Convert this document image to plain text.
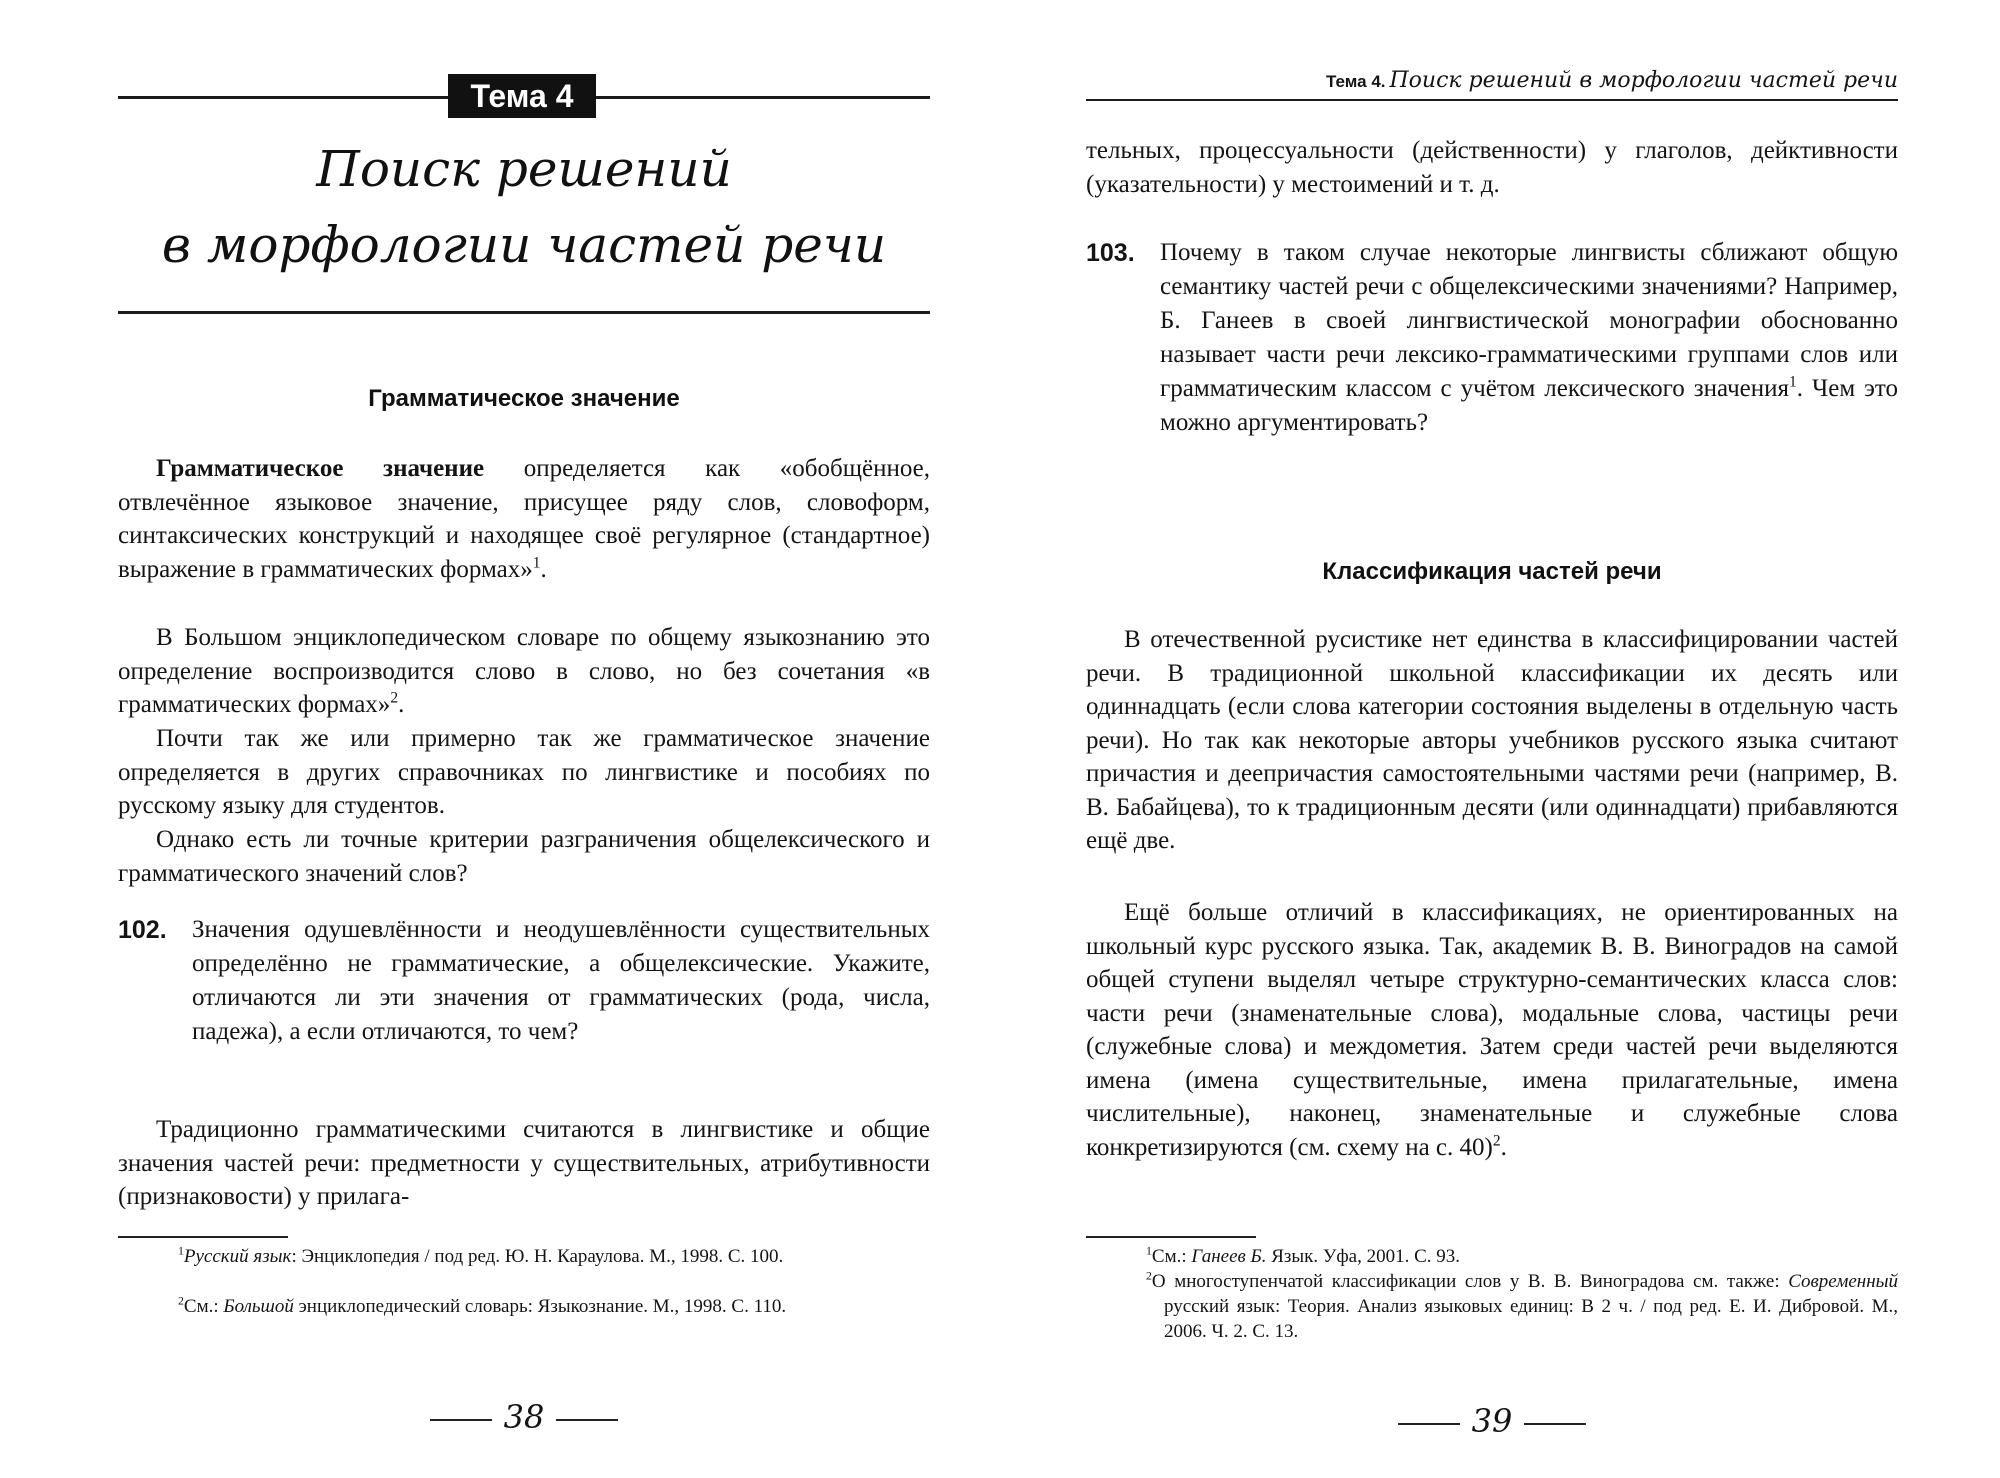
Тема 4
Поиск решений
в морфологии частей речи
Грамматическое значение

Грамматическое значение определяется как «обобщённое, отвлечённое языковое значение, присущее ряду слов, словоформ, синтаксических конструкций и находящее своё регулярное (стандартное) выражение в грамматических формах»$^1$.

В Большом энциклопедическом словаре по общему языкознанию это определение воспроизводится слово в слово, но без сочетания «в грамматических формах»$^2$.

Почти так же или примерно так же грамматическое значение определяется в других справочниках по лингвистике и пособиях по русскому языку для студентов.

Однако есть ли точные критерии разграничения общелексического и грамматического значений слов?

102. Значения одушевлённости и неодушевлённости существительных определённо не грамматические, а общелексические. Укажите, отличаются ли эти значения от грамматических (рода, числа, падежа), а если отличаются, то чем?

Традиционно грамматическими считаются в лингвистике и общие значения частей речи: предметности у существительных, атрибутивности (признаковости) у прилага-

$^1$Русский язык: Энциклопедия / под ред. Ю. Н. Караулова. М., 1998. С. 100.

$^2$См.: Большой энциклопедический словарь: Языкознание. М., 1998. С. 110.

38
Тема 4. Поиск решений в морфологии частей речи

тельных, процессуальности (действенности) у глаголов, дейктивности (указательности) у местоимений и т. д.

103. Почему в таком случае некоторые лингвисты сближают общую семантику частей речи с общелексическими значениями? Например, Б. Ганеев в своей лингвистической монографии обоснованно называет части речи лексико-грамматическими группами слов или грамматическим классом с учётом лексического значения$^1$. Чем это можно аргументировать?

Классификация частей речи

В отечественной русистике нет единства в классифицировании частей речи. В традиционной школьной классификации их десять или одиннадцать (если слова категории состояния выделены в отдельную часть речи). Но так как некоторые авторы учебников русского языка считают причастия и деепричастия самостоятельными частями речи (например, В. В. Бабайцева), то к традиционным десяти (или одиннадцати) прибавляются ещё две.

Ещё больше отличий в классификациях, не ориентированных на школьный курс русского языка. Так, академик В. В. Виноградов на самой общей ступени выделял четыре структурно-семантических класса слов: части речи (знаменательные слова), модальные слова, частицы речи (служебные слова) и междометия. Затем среди частей речи выделяются имена (имена существительные, имена прилагательные, имена числительные), наконец, знаменательные и служебные слова конкретизируются (см. схему на с. 40)$^2$.

$^1$См.: Ганеев Б. Язык. Уфа, 2001. С. 93.

$^2$О многоступенчатой классификации слов у В. В. Виноградова см. также: Современный русский язык: Теория. Анализ языковых единиц: В 2 ч. / под ред. Е. И. Дибровой. М., 2006. Ч. 2. С. 13.

39
